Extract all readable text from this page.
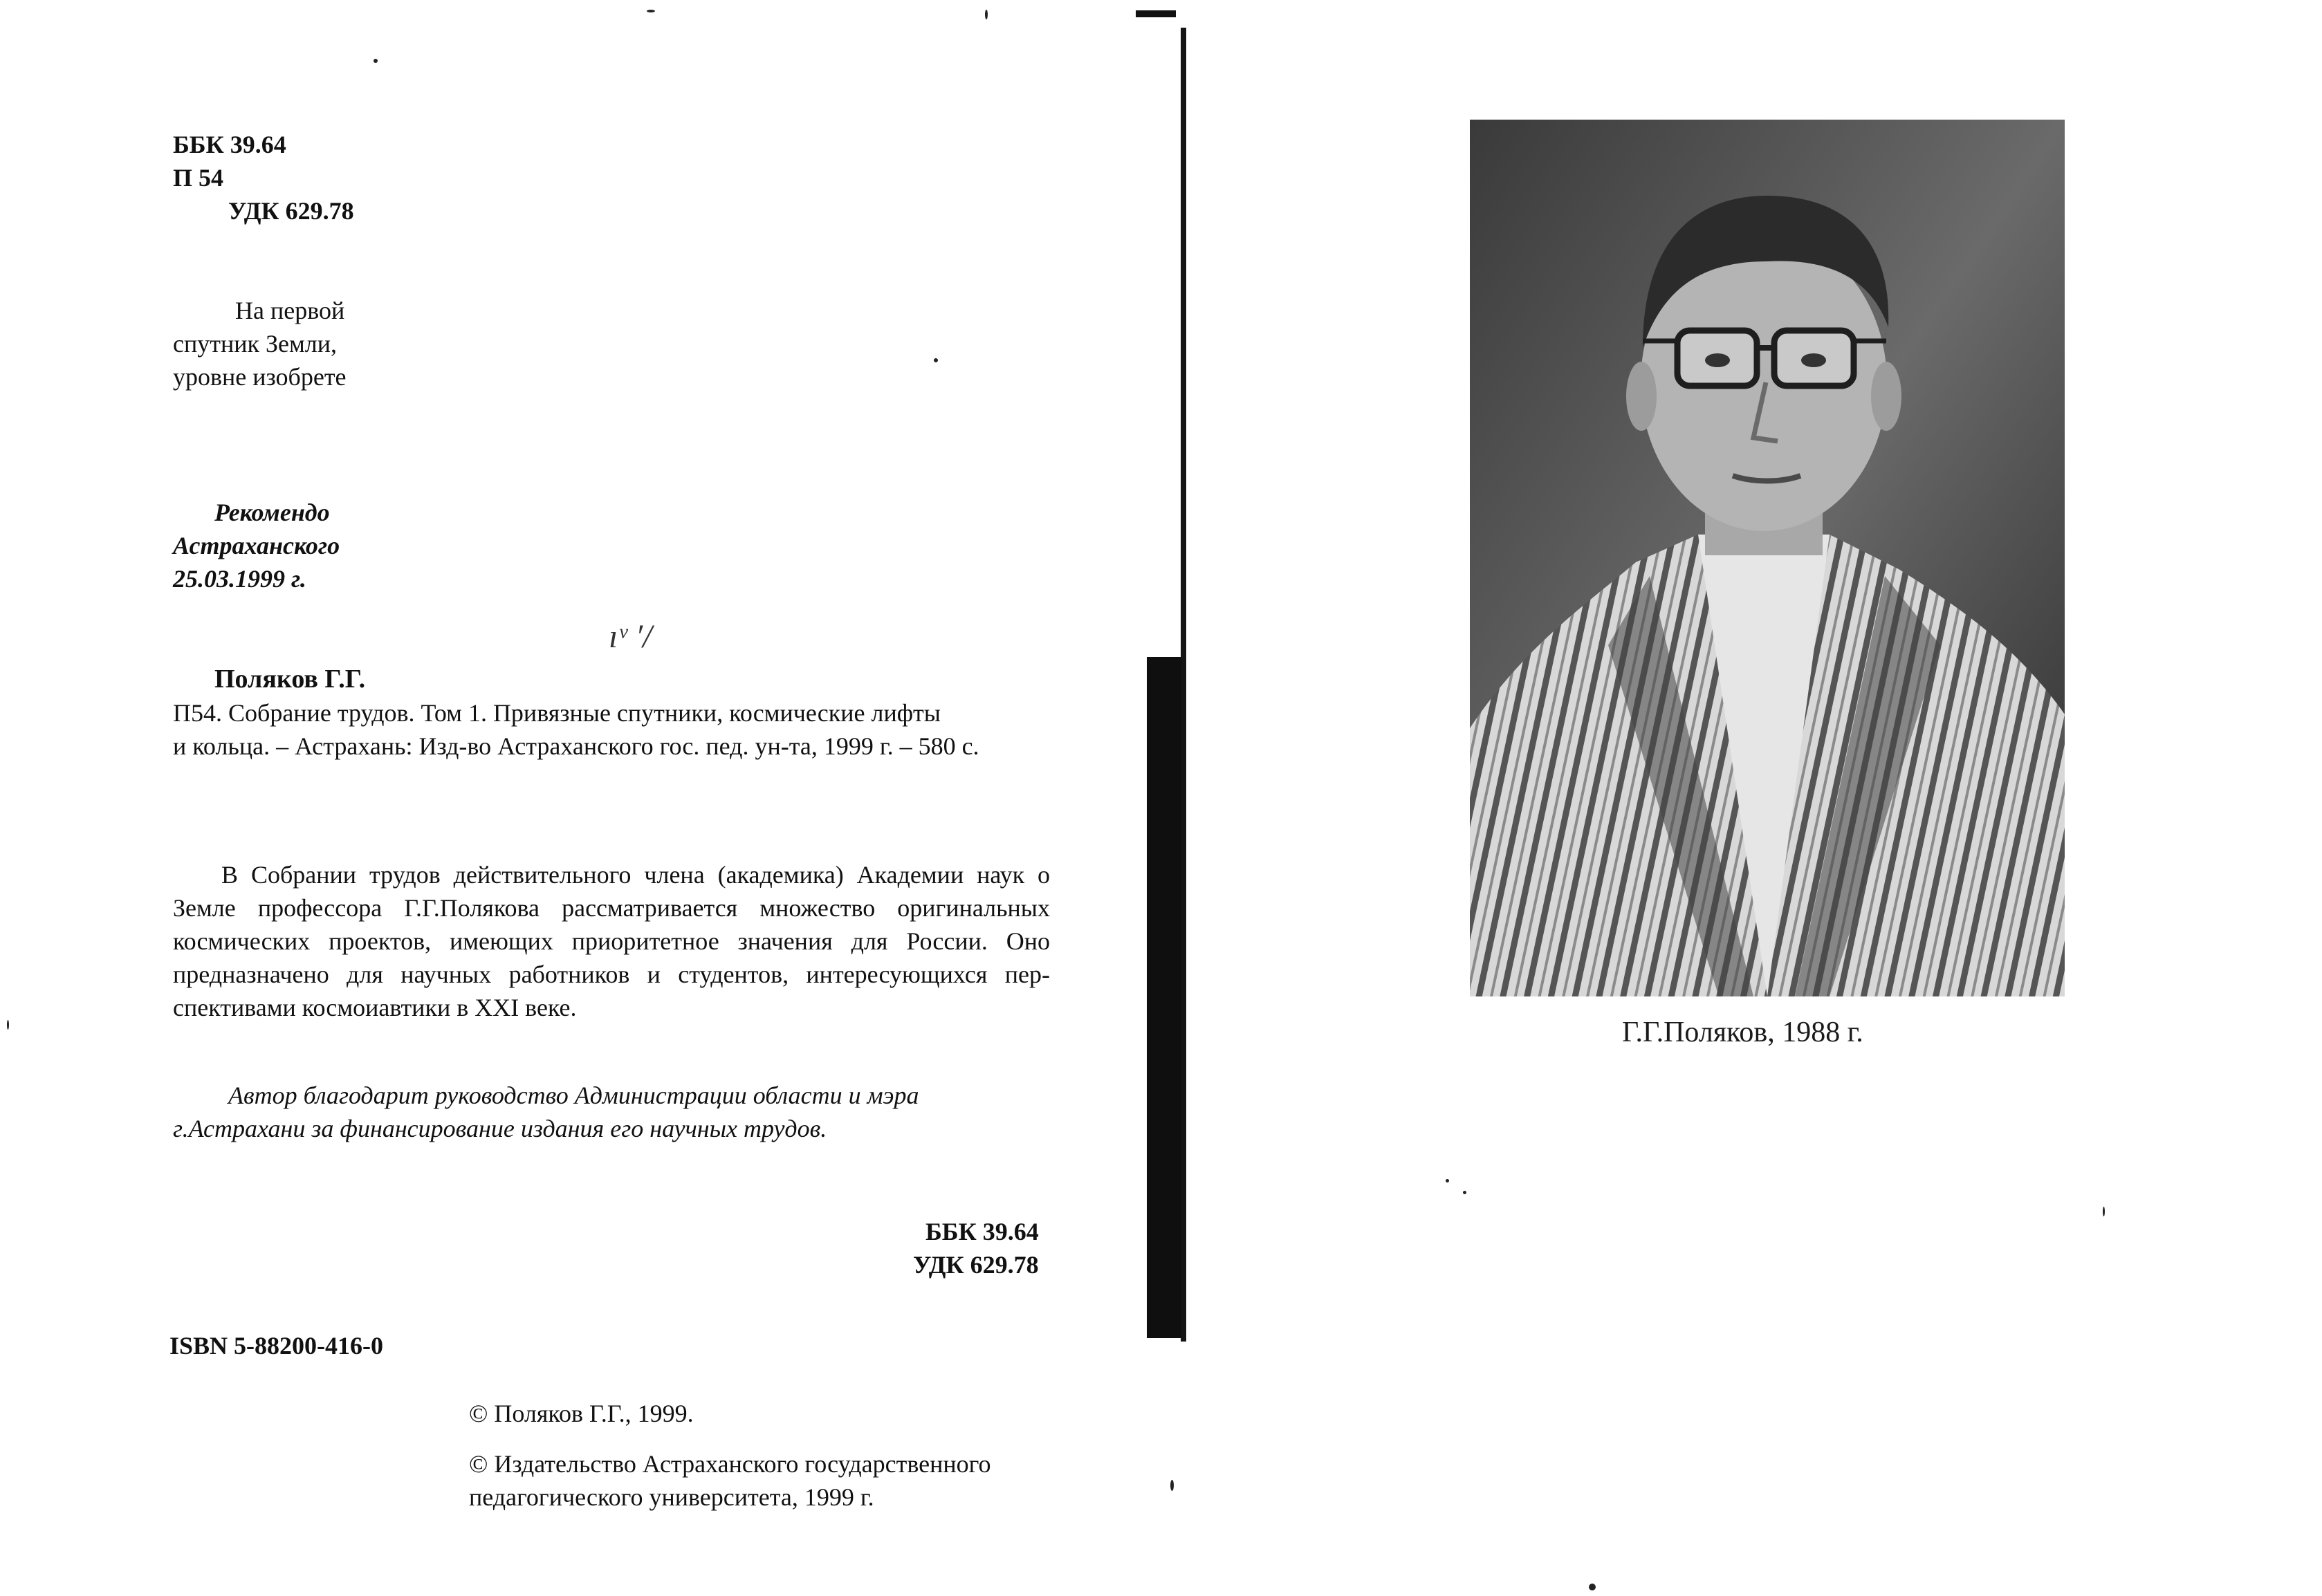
ББК 39.64
П 54
УДК 629.78
На первой
спутник Земли,
уровне изобрете
Рекомендо
Астраханского
25.03.1999 г.
ıᵛ ′/
Поляков Г.Г.
П54. Собрание трудов. Том 1. Привязные спутники, космические лифты
и кольца. – Астрахань: Изд-во Астраханского гос. пед. ун-та, 1999 г. – 580 с.
В Собрании трудов действительного члена (академика) Академии наук о
Земле профессора Г.Г.Полякова рассматривается множество оригинальных
космических проектов, имеющих приоритетное значения для России. Оно
предназначено для научных работников и студентов, интересующихся пер-
спективами космоиавтики в XXI веке.
Автор благодарит руководство Администрации области и мэра
г.Астрахани за финансирование издания его научных трудов.
ББК 39.64
УДК 629.78
ISBN 5-88200-416-0
© Поляков Г.Г., 1999.
© Издательство Астраханского государственного
педагогического университета, 1999 г.
Г.Г.Поляков, 1988 г.
